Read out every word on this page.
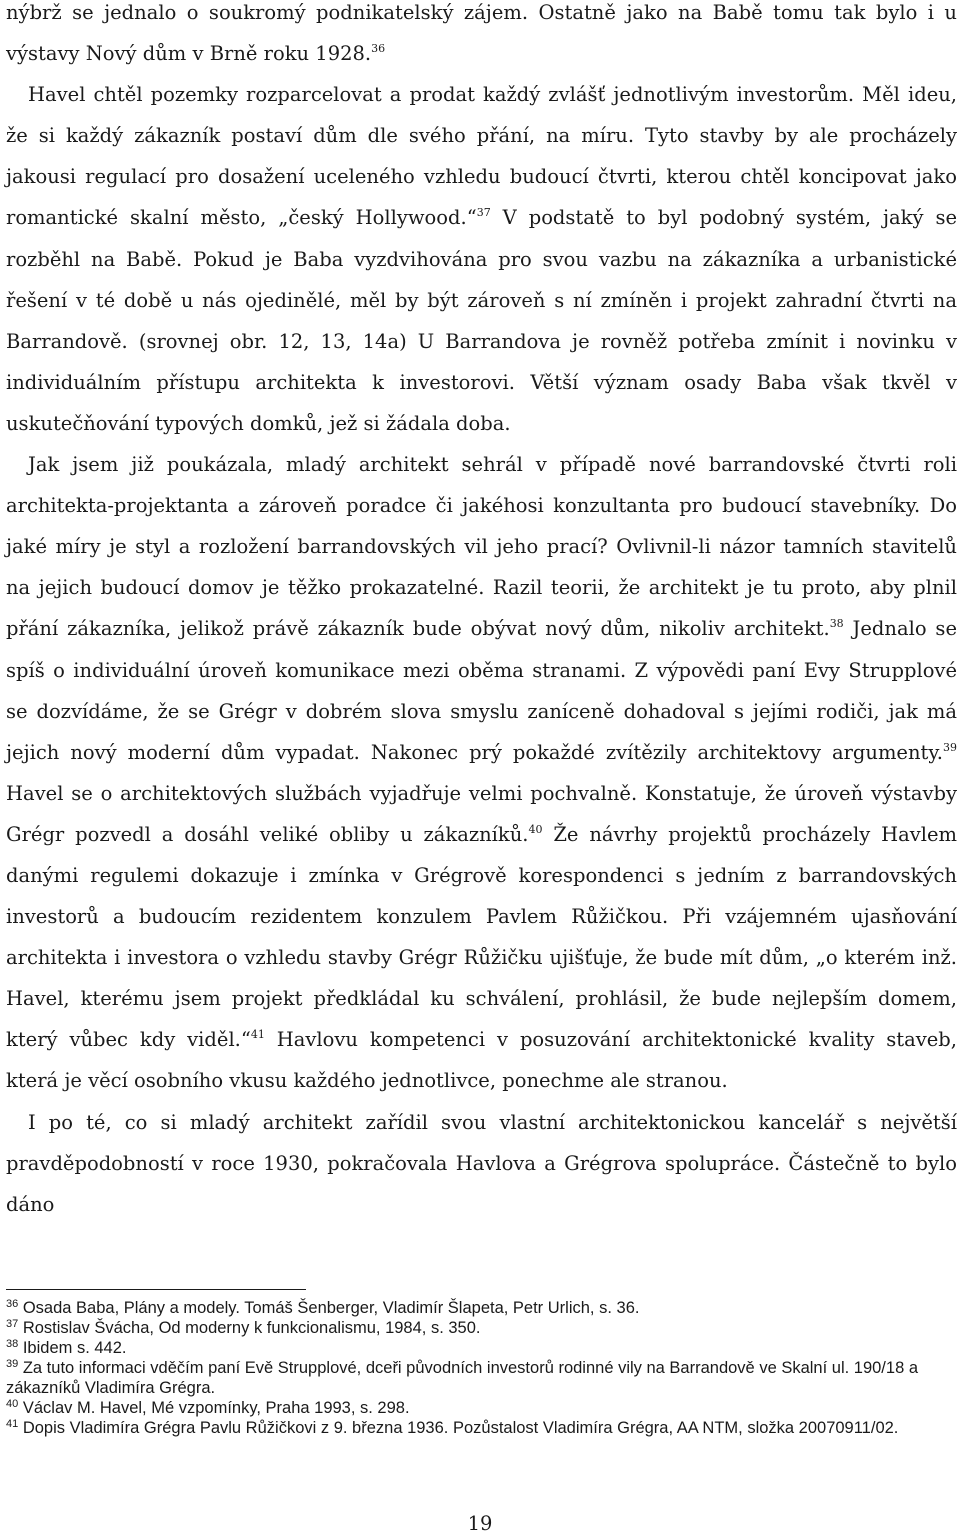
nýbrž se jednalo o soukromý podnikatelský zájem. Ostatně jako na Babě tomu tak bylo i u výstavy Nový dům v Brně roku 1928.36

Havel chtěl pozemky rozparcelovat a prodat každý zvlášť jednotlivým investorům. Měl ideu, že si každý zákazník postaví dům dle svého přání, na míru. Tyto stavby by ale procházely jakousi regulací pro dosažení uceleného vzhledu budoucí čtvrti, kterou chtěl koncipovat jako romantické skalní město, „český Hollywood.“$^{37}$ V podstatě to byl podobný systém, jaký se rozběhl na Babě. Pokud je Baba vyzdvihována pro svou vazbu na zákazníka a urbanistické řešení v té době u nás ojedinělé, měl by být zároveň s ní zmíněn i projekt zahradní čtvrti na Barrandově. (srovnej obr. 12, 13, 14a) U Barrandova je rovněž potřeba zmínit i novinku v individuálním přístupu architekta k investorovi. Větší význam osady Baba však tkvěl v uskutečňování typových domků, jež si žádala doba.

Jak jsem již poukázala, mladý architekt sehrál v případě nové barrandovské čtvrti roli architekta-projektanta a zároveň poradce či jakéhosi konzultanta pro budoucí stavebníky. Do jaké míry je styl a rozložení barrandovských vil jeho prací? Ovlivnil-li názor tamních stavitelů na jejich budoucí domov je těžko prokazatelné. Razil teorii, že architekt je tu proto, aby plnil přání zákazníka, jelikož právě zákazník bude obývat nový dům, nikoliv architekt.$^{38}$ Jednalo se spíš o individuální úroveň komunikace mezi oběma stranami. Z výpovědi paní Evy Strupplové se dozvídáme, že se Grégr v dobrém slova smyslu zaníceně dohadoval s jejími rodiči, jak má jejich nový moderní dům vypadat. Nakonec prý pokaždé zvítězily architektovy argumenty.$^{39}$ Havel se o architektových službách vyjadřuje velmi pochvalně. Konstatuje, že úroveň výstavby Grégr pozvedl a dosáhl veliké obliby u zákazníků.$^{40}$ Že návrhy projektů procházely Havlem danými regulemi dokazuje i zmínka v Grégrově korespondenci s jedním z barrandovských investorů a budoucím rezidentem konzulem Pavlem Růžičkou. Při vzájemném ujasňování architekta i investora o vzhledu stavby Grégr Růžičku ujišťuje, že bude mít dům, „o kterém inž. Havel, kterému jsem projekt předkládal ku schválení, prohlásil, že bude nejlepším domem, který vůbec kdy viděl.“$^{41}$ Havlovu kompetenci v posuzování architektonické kvality staveb, která je věcí osobního vkusu každého jednotlivce, ponechme ale stranou.

I po té, co si mladý architekt zařídil svou vlastní architektonickou kancelář s největší pravděpodobností v roce 1930, pokračovala Havlova a Grégrova spolupráce. Částečně to bylo dáno

$^{36}$ Osada Baba, Plány a modely. Tomáš Šenberger, Vladimír Šlapeta, Petr Urlich, s. 36.

$^{37}$ Rostislav Švácha, Od moderny k funkcionalismu, 1984, s. 350.

$^{38}$ Ibidem s. 442.

$^{39}$ Za tuto informaci vděčím paní Evě Strupplové, dceři původních investorů rodinné vily na Barrandově ve Skalní ul. 190/18 a zákazníků Vladimíra Grégra.

$^{40}$ Václav M. Havel, Mé vzpomínky, Praha 1993, s. 298.

$^{41}$ Dopis Vladimíra Grégra Pavlu Růžičkovi z 9. března 1936. Pozůstalost Vladimíra Grégra, AA NTM, složka 20070911/02.

19
